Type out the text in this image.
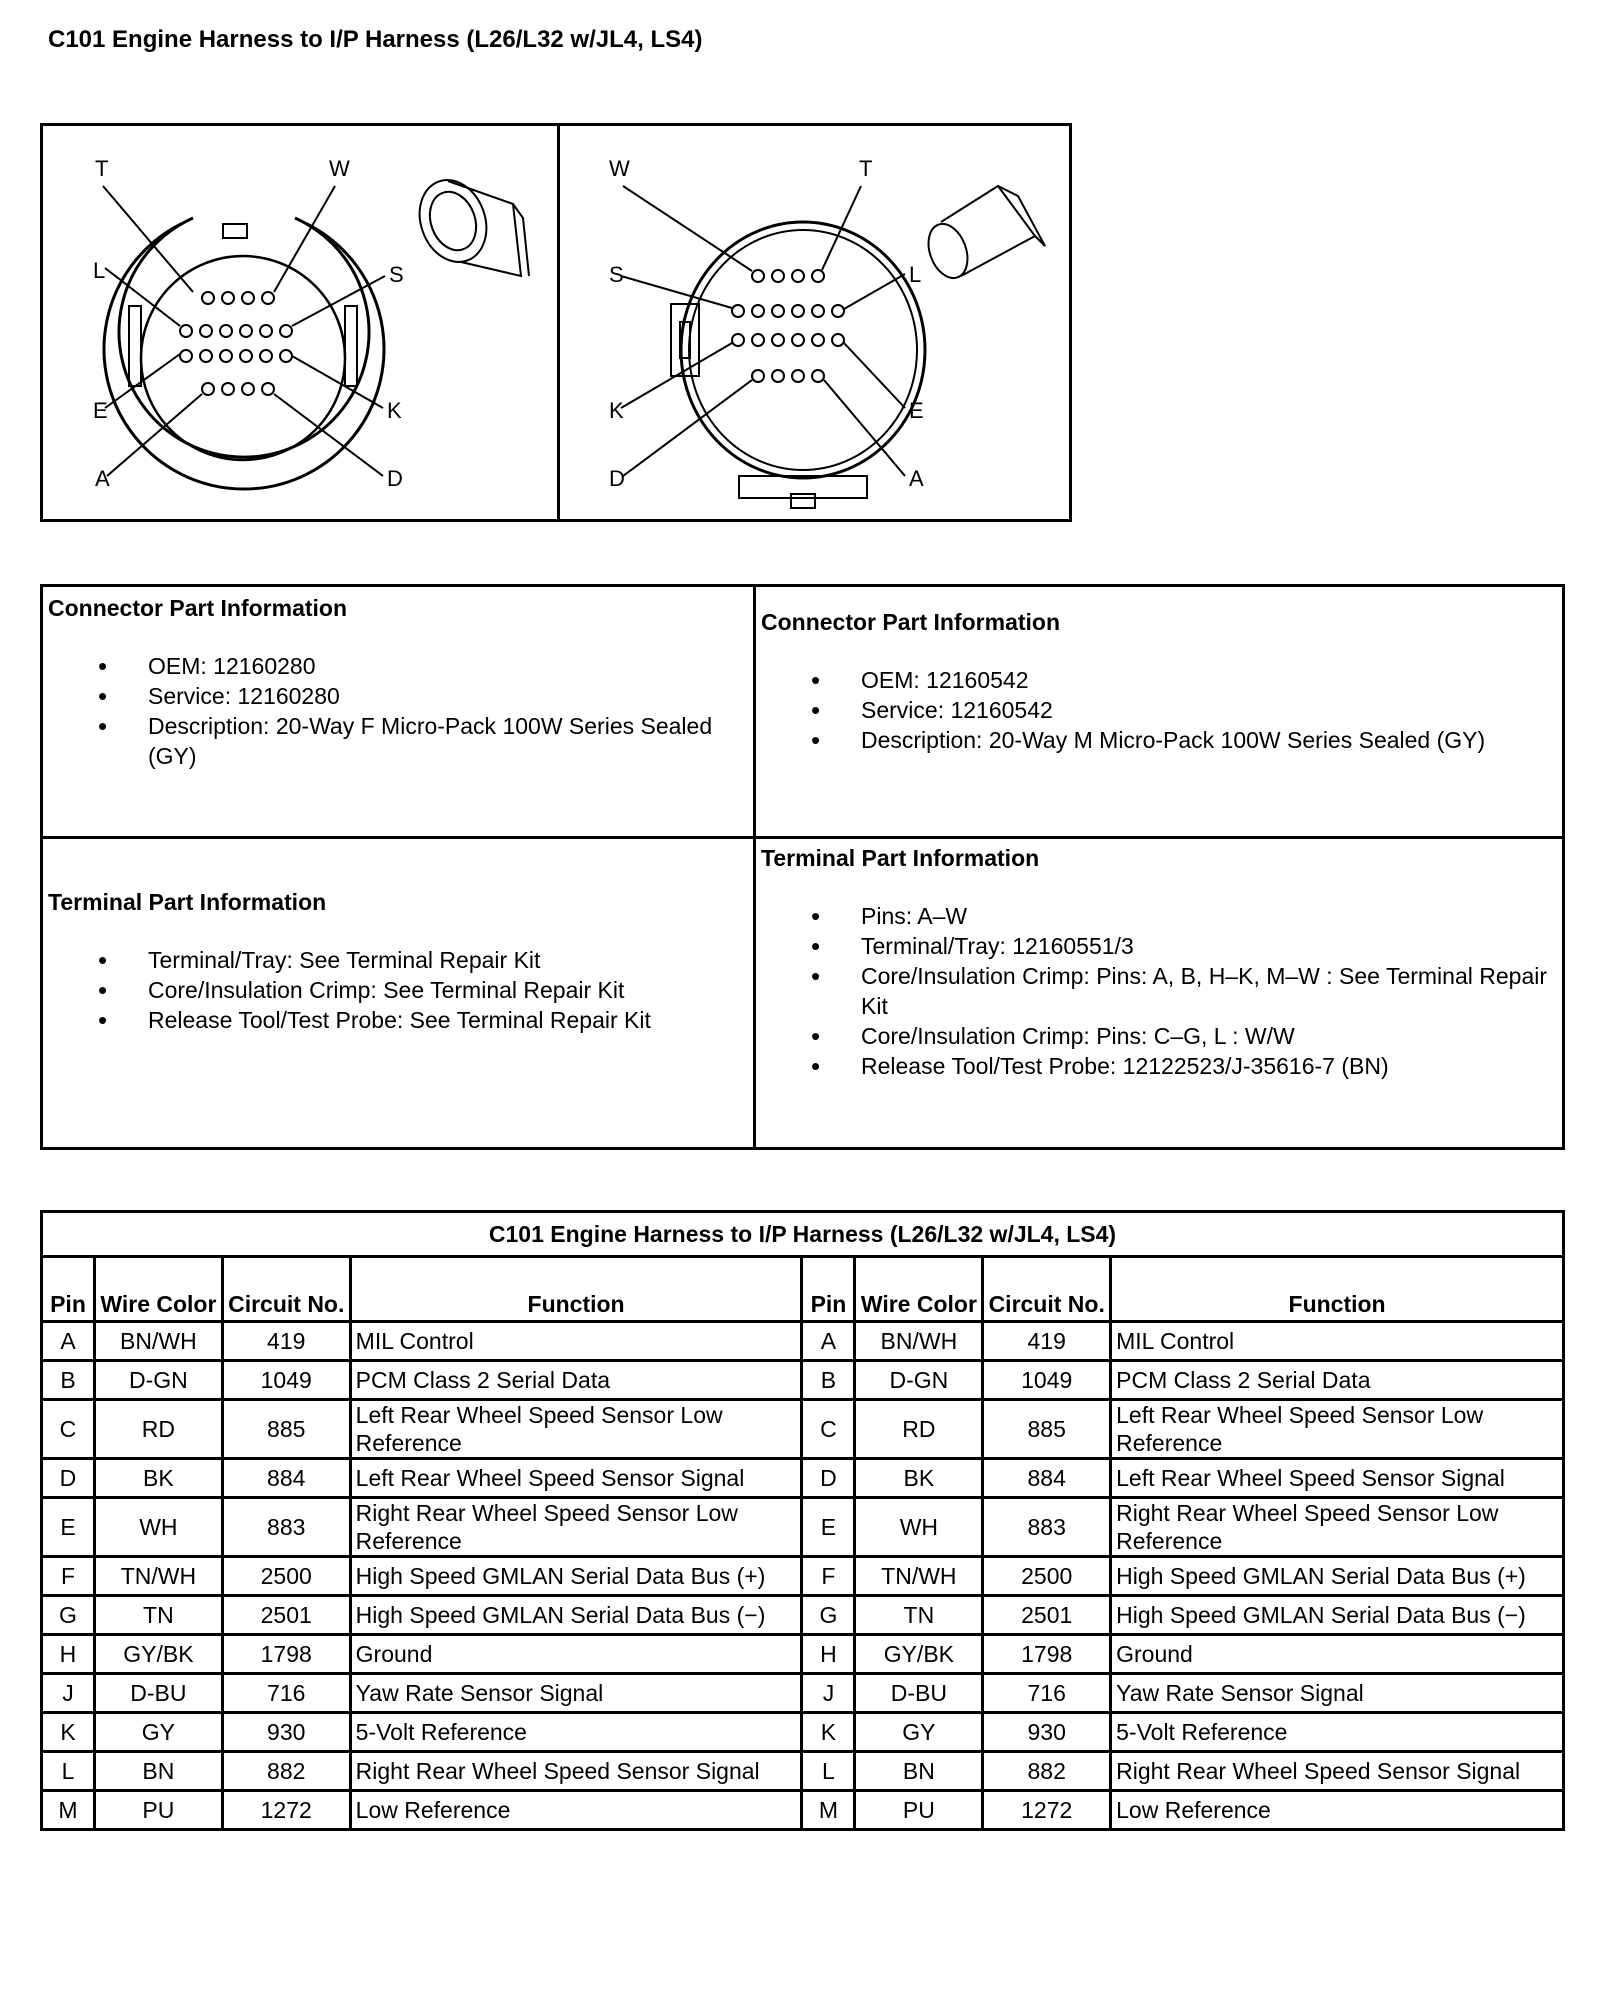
C101 Engine Harness to I/P Harness (L26/L32 w/JL4, LS4)
T	W
L	S
E	K
A	D
W	T
S	L
K	E
D	A
Connector Part Information
• OEM: 12160280
• Service: 12160280
• Description: 20-Way F Micro-Pack 100W Series Sealed (GY)
Connector Part Information
• OEM: 12160542
• Service: 12160542
• Description: 20-Way M Micro-Pack 100W Series Sealed (GY)
Terminal Part Information
• Terminal/Tray: See Terminal Repair Kit
• Core/Insulation Crimp: See Terminal Repair Kit
• Release Tool/Test Probe: See Terminal Repair Kit
Terminal Part Information
• Pins: A–W
• Terminal/Tray: 12160551/3
• Core/Insulation Crimp: Pins: A, B, H–K, M–W : See Terminal Repair Kit
• Core/Insulation Crimp: Pins: C–G, L : W/W
• Release Tool/Test Probe: 12122523/J-35616-7 (BN)
C101 Engine Harness to I/P Harness (L26/L32 w/JL4, LS4)							
Pin	Wire Color	Circuit No.	Function	Pin	Wire Color	Circuit No.	Function
A	BN/WH	419	MIL Control	A	BN/WH	419	MIL Control
B	D-GN	1049	PCM Class 2 Serial Data	B	D-GN	1049	PCM Class 2 Serial Data
C	RD	885	Left Rear Wheel Speed Sensor Low Reference	C	RD	885	Left Rear Wheel Speed Sensor Low Reference
D	BK	884	Left Rear Wheel Speed Sensor Signal	D	BK	884	Left Rear Wheel Speed Sensor Signal
E	WH	883	Right Rear Wheel Speed Sensor Low Reference	E	WH	883	Right Rear Wheel Speed Sensor Low Reference
F	TN/WH	2500	High Speed GMLAN Serial Data Bus (+)	F	TN/WH	2500	High Speed GMLAN Serial Data Bus (+)
G	TN	2501	High Speed GMLAN Serial Data Bus (−)	G	TN	2501	High Speed GMLAN Serial Data Bus (−)
H	GY/BK	1798	Ground	H	GY/BK	1798	Ground
J	D-BU	716	Yaw Rate Sensor Signal	J	D-BU	716	Yaw Rate Sensor Signal
K	GY	930	5-Volt Reference	K	GY	930	5-Volt Reference
L	BN	882	Right Rear Wheel Speed Sensor Signal	L	BN	882	Right Rear Wheel Speed Sensor Signal
M	PU	1272	Low Reference	M	PU	1272	Low Reference
